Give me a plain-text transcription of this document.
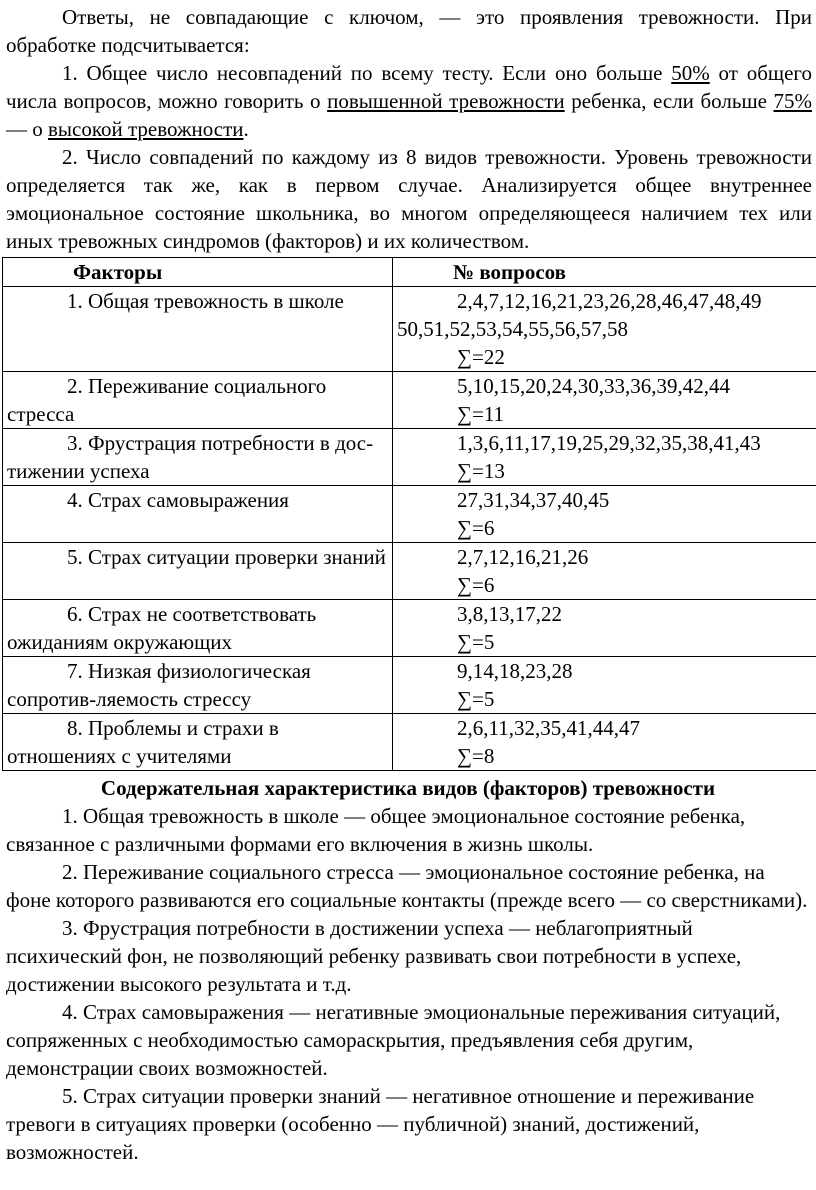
Ответы, не совпадающие с ключом, — это проявления тревожности. При обработке подсчитывается:

1. Общее число несовпадений по всему тесту. Если оно больше 50% от общего числа вопросов, можно говорить о повышенной тревожности ребенка, если больше 75% — о высокой тревожности.

2. Число совпадений по каждому из 8 видов тревожности. Уровень тревожности определяется так же, как в первом случае. Анализируется общее внутреннее эмоциональное состояние школьника, во многом определяющееся наличием тех или иных тревожных синдромов (факторов) и их количеством.

Факторы	№ вопросов
1. Общая тревожность в школе	2,4,7,12,16,21,23,26,28,46,47,48,49
50,51,52,53,54,55,56,57,58
∑=22

2. Переживание социального стресса	5,10,15,20,24,30,33,36,39,42,44
∑=11

3. Фрустрация потребности в дос-тижении успеха	1,3,6,11,17,19,25,29,32,35,38,41,43
∑=13

4. Страх самовыражения	27,31,34,37,40,45
∑=6

5. Страх ситуации проверки знаний	2,7,12,16,21,26
∑=6

6. Страх не соответствовать ожиданиям окружающих	3,8,13,17,22
∑=5

7. Низкая физиологическая сопротив-ляемость стрессу	9,14,18,23,28
∑=5

8. Проблемы и страхи в отношениях с учителями	2,6,11,32,35,41,44,47
∑=8
Содержательная характеристика видов (факторов) тревожности

1. Общая тревожность в школе — общее эмоциональное состояние ребенка, связанное с различными формами его включения в жизнь школы.

2. Переживание социального стресса — эмоциональное состояние ребенка, на фоне которого развиваются его социальные контакты (прежде всего — со сверстниками).

3. Фрустрация потребности в достижении успеха — неблагоприятный психический фон, не позволяющий ребенку развивать свои потребности в успехе, достижении высокого результата и т.д.

4. Страх самовыражения — негативные эмоциональные переживания ситуаций, сопряженных с необходимостью самораскрытия, предъявления себя другим, демонстрации своих возможностей.

5. Страх ситуации проверки знаний — негативное отношение и переживание тревоги в ситуациях проверки (особенно — публичной) знаний, достижений, возможностей.
